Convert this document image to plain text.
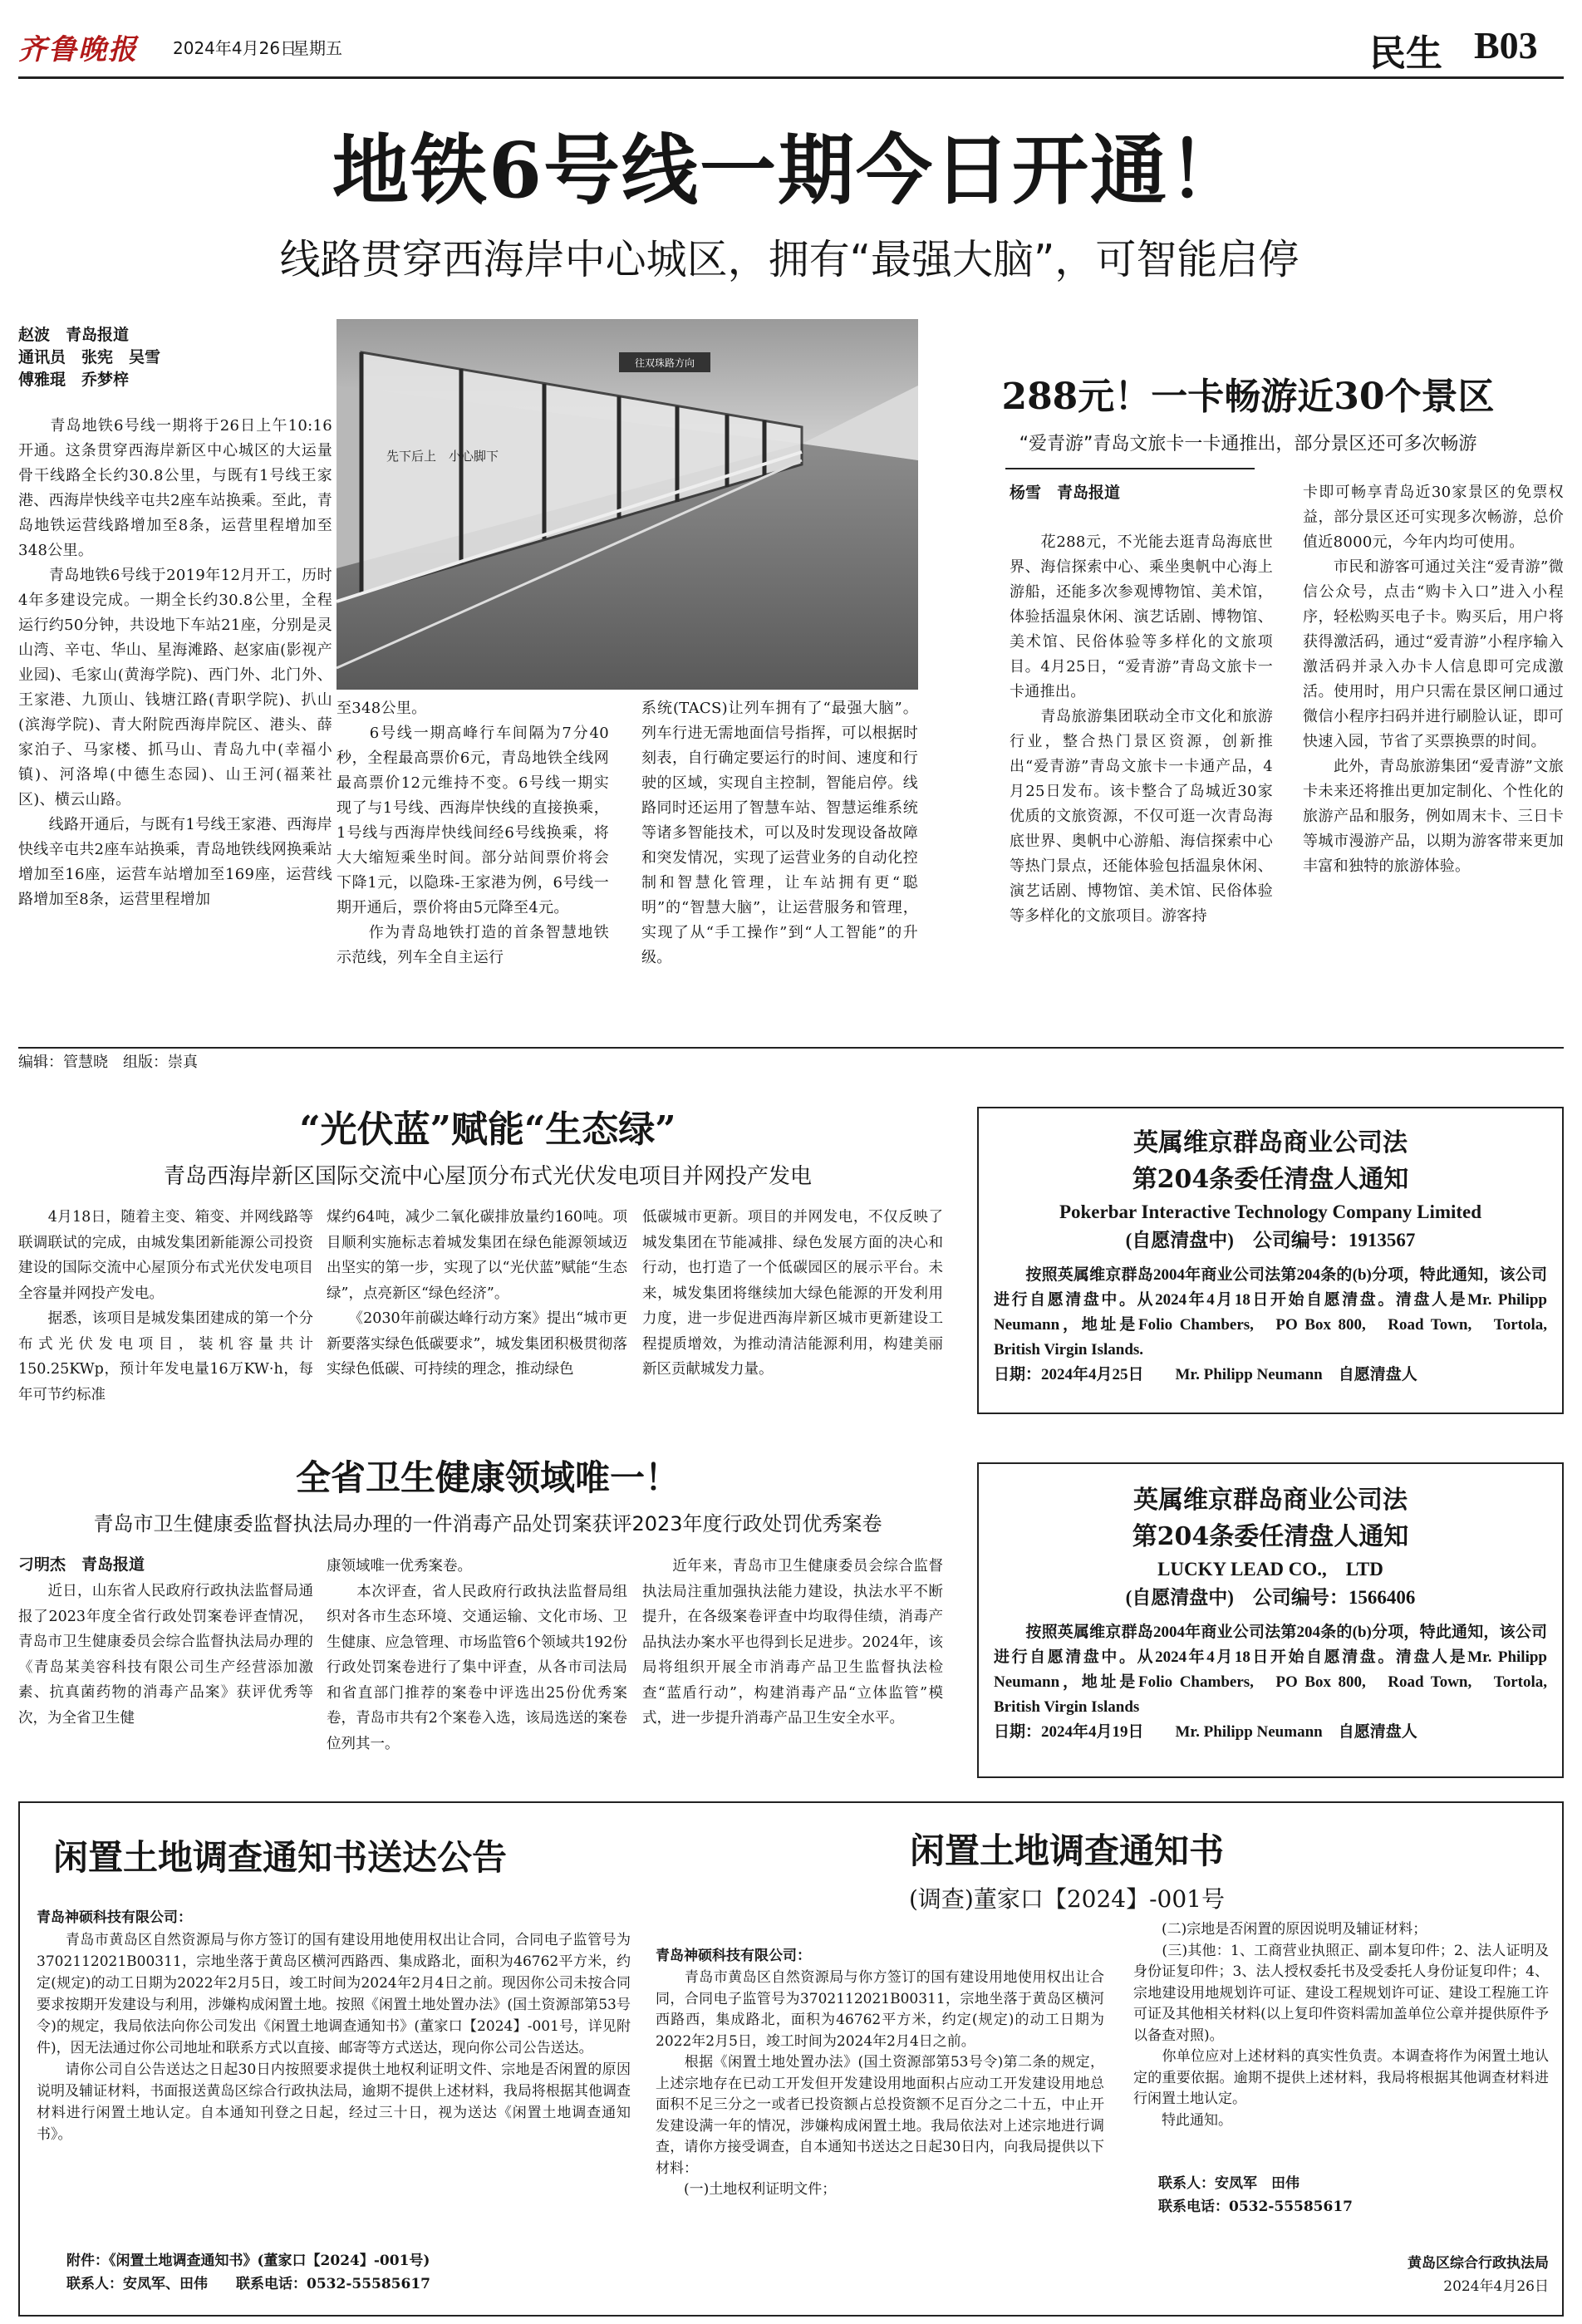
齐鲁晚报 2024年4月26日
星期五	民生 B03
地铁6号线一期今日开通！
线路贯穿西海岸中心城区，拥有“最强大脑”，可智能启停
赵波　青岛报道
通讯员　张宪　吴雪
傅雅琨　乔梦梓
　　青岛地铁6号线一期将于26日上午10:16开通。这条贯穿西海岸新区中心城区的大运量骨干线路全长约30.8公里，与既有1号线王家港、西海岸快线辛屯共2座车站换乘。至此，青岛地铁运营线路增加至8条，运营里程增加至348公里。
　　青岛地铁6号线于2019年12月开工，历时4年多建设完成。一期全长约30.8公里，全程运行约50分钟，共设地下车站21座，分别是灵山湾、辛屯、华山、星海滩路、赵家庙(影视产业园)、毛家山(黄海学院)、西门外、北门外、王家港、九顶山、钱塘江路(青职学院)、扒山(滨海学院)、青大附院西海岸院区、港头、薛家泊子、马家楼、抓马山、青岛九中(幸福小镇)、河洛埠(中德生态园)、山王河(福莱社区)、横云山路。
　　线路开通后，与既有1号线王家港、西海岸快线辛屯共2座车站换乘，青岛地铁线网换乘站增加至16座，运营车站增加至169座，运营线路增加至8条，运营里程增加
往双珠路方向
先下后上　小心脚下
至348公里。
　　6号线一期高峰行车间隔为7分40秒，全程最高票价6元，青岛地铁全线网最高票价12元维持不变。6号线一期实现了与1号线、西海岸快线的直接换乘，1号线与西海岸快线间经6号线换乘，将大大缩短乘坐时间。部分站间票价将会下降1元，以隐珠-王家港为例，6号线一期开通后，票价将由5元降至4元。
　　作为青岛地铁打造的首条智慧地铁示范线，列车全自主运行
系统(TACS)让列车拥有了“最强大脑”。列车行进无需地面信号指挥，可以根据时刻表，自行确定要运行的时间、速度和行驶的区域，实现自主控制，智能启停。线路同时还运用了智慧车站、智慧运维系统等诸多智能技术，可以及时发现设备故障和突发情况，实现了运营业务的自动化控制和智慧化管理，让车站拥有更“聪明”的“智慧大脑”，让运营服务和管理，实现了从“手工操作”到“人工智能”的升级。
288元！一卡畅游近30个景区
“爱青游”青岛文旅卡一卡通推出，部分景区还可多次畅游
杨雪　青岛报道
　　花288元，不光能去逛青岛海底世界、海信探索中心、乘坐奥帆中心海上游船，还能多次参观博物馆、美术馆，体验括温泉休闲、演艺话剧、博物馆、美术馆、民俗体验等多样化的文旅项目。4月25日，“爱青游”青岛文旅卡一卡通推出。
　　青岛旅游集团联动全市文化和旅游行业，整合热门景区资源，创新推出“爱青游”青岛文旅卡一卡通产品，4月25日发布。该卡整合了岛城近30家优质的文旅资源，不仅可逛一次青岛海底世界、奥帆中心游船、海信探索中心等热门景点，还能体验包括温泉休闲、演艺话剧、博物馆、美术馆、民俗体验等多样化的文旅项目。游客持
卡即可畅享青岛近30家景区的免票权益，部分景区还可实现多次畅游，总价值近8000元，今年内均可使用。
　　市民和游客可通过关注“爱青游”微信公众号，点击“购卡入口”进入小程序，轻松购买电子卡。购买后，用户将获得激活码，通过“爱青游”小程序输入激活码并录入办卡人信息即可完成激活。使用时，用户只需在景区闸口通过微信小程序扫码并进行刷脸认证，即可快速入园，节省了买票换票的时间。
　　此外，青岛旅游集团“爱青游”文旅卡未来还将推出更加定制化、个性化的旅游产品和服务，例如周末卡、三日卡等城市漫游产品，以期为游客带来更加丰富和独特的旅游体验。
编辑：管慧晓　组版：崇真
“光伏蓝”赋能“生态绿”
青岛西海岸新区国际交流中心屋顶分布式光伏发电项目并网投产发电
　　4月18日，随着主变、箱变、并网线路等联调联试的完成，由城发集团新能源公司投资建设的国际交流中心屋顶分布式光伏发电项目全容量并网投产发电。
　　据悉，该项目是城发集团建成的第一个分布式光伏发电项目，装机容量共计150.25KWp，预计年发电量16万KW·h，每年可节约标准
煤约64吨，减少二氧化碳排放量约160吨。项目顺利实施标志着城发集团在绿色能源领域迈出坚实的第一步，实现了以“光伏蓝”赋能“生态绿”，点亮新区“绿色经济”。
　　《2030年前碳达峰行动方案》提出“城市更新要落实绿色低碳要求”，城发集团积极贯彻落实绿色低碳、可持续的理念，推动绿色
低碳城市更新。项目的并网发电，不仅反映了城发集团在节能减排、绿色发展方面的决心和行动，也打造了一个低碳园区的展示平台。未来，城发集团将继续加大绿色能源的开发利用力度，进一步促进西海岸新区城市更新建设工程提质增效，为推动清洁能源利用，构建美丽新区贡献城发力量。
全省卫生健康领域唯一！
青岛市卫生健康委监督执法局办理的一件消毒产品处罚案获评2023年度行政处罚优秀案卷
刁明杰　青岛报道
　　近日，山东省人民政府行政执法监督局通报了2023年度全省行政处罚案卷评查情况，青岛市卫生健康委员会综合监督执法局办理的《青岛某美容科技有限公司生产经营添加激素、抗真菌药物的消毒产品案》获评优秀等次，为全省卫生健
康领域唯一优秀案卷。
　　本次评查，省人民政府行政执法监督局组织对各市生态环境、交通运输、文化市场、卫生健康、应急管理、市场监管6个领域共192份行政处罚案卷进行了集中评查，从各市司法局和省直部门推荐的案卷中评选出25份优秀案卷，青岛市共有2个案卷入选，该局选送的案卷位列其一。
　　近年来，青岛市卫生健康委员会综合监督执法局注重加强执法能力建设，执法水平不断提升，在各级案卷评查中均取得佳绩，消毒产品执法办案水平也得到长足进步。2024年，该局将组织开展全市消毒产品卫生监督执法检查“蓝盾行动”，构建消毒产品“立体监管”模式，进一步提升消毒产品卫生安全水平。
英属维京群岛商业公司法
第204条委任清盘人通知
Pokerbar Interactive Technology Company Limited
(自愿清盘中)　公司编号：1913567
　　按照英属维京群岛2004年商业公司法第204条的(b)分项，特此通知，该公司进行自愿清盘中。从2024年4月18日开始自愿清盘。清盘人是Mr. Philipp Neumann，地址是Folio Chambers,　PO Box 800,　Road Town,　Tortola,　British Virgin Islands.
日期：2024年4月25日　　Mr. Philipp Neumann　自愿清盘人
英属维京群岛商业公司法
第204条委任清盘人通知
LUCKY LEAD CO.,　LTD
(自愿清盘中)　公司编号：1566406
　　按照英属维京群岛2004年商业公司法第204条的(b)分项，特此通知，该公司进行自愿清盘中。从2024年4月18日开始自愿清盘。清盘人是Mr. Philipp Neumann，地址是Folio Chambers,　PO Box 800,　Road Town,　Tortola,　British Virgin Islands
日期：2024年4月19日　　Mr. Philipp Neumann　自愿清盘人
闲置土地调查通知书送达公告
青岛神硕科技有限公司：
　　青岛市黄岛区自然资源局与你方签订的国有建设用地使用权出让合同，合同电子监管号为3702112021B00311，宗地坐落于黄岛区横河西路西、集成路北，面积为46762平方米，约定(规定)的动工日期为2022年2月5日，竣工时间为2024年2月4日之前。现因你公司未按合同要求按期开发建设与利用，涉嫌构成闲置土地。按照《闲置土地处置办法》(国土资源部第53号令)的规定，我局依法向你公司发出《闲置土地调查通知书》(董家口【2024】-001号，详见附件)，因无法通过你公司地址和联系方式以直接、邮寄等方式送达，现向你公司公告送达。
　　请你公司自公告送达之日起30日内按照要求提供土地权利证明文件、宗地是否闲置的原因说明及辅证材料，书面报送黄岛区综合行政执法局，逾期不提供上述材料，我局将根据其他调查材料进行闲置土地认定。自本通知刊登之日起，经过三十日，视为送达《闲置土地调查通知书》。
附件：《闲置土地调查通知书》(董家口【2024】-001号)
联系人：安凤军、田伟　　联系电话：0532-55585617
闲置土地调查通知书
(调查)董家口【2024】-001号
青岛神硕科技有限公司：
　　青岛市黄岛区自然资源局与你方签订的国有建设用地使用权出让合同，合同电子监管号为3702112021B00311，宗地坐落于黄岛区横河西路西，集成路北，面积为46762平方米，约定(规定)的动工日期为2022年2月5日，竣工时间为2024年2月4日之前。
　　根据《闲置土地处置办法》(国土资源部第53号令)第二条的规定，上述宗地存在已动工开发但开发建设用地面积占应动工开发建设用地总面积不足三分之一或者已投资额占总投资额不足百分之二十五，中止开发建设满一年的情况，涉嫌构成闲置土地。我局依法对上述宗地进行调查，请你方接受调查，自本通知书送达之日起30日内，向我局提供以下材料：
　　(一)土地权利证明文件；
　　(二)宗地是否闲置的原因说明及辅证材料；
　　(三)其他：1、工商营业执照正、副本复印件；2、法人证明及身份证复印件；3、法人授权委托书及受委托人身份证复印件；4、宗地建设用地规划许可证、建设工程规划许可证、建设工程施工许可证及其他相关材料(以上复印件资料需加盖单位公章并提供原件予以备查对照)。
　　你单位应对上述材料的真实性负责。本调查将作为闲置土地认定的重要依据。逾期不提供上述材料，我局将根据其他调查材料进行闲置土地认定。
　　特此通知。
联系人：安凤军　田伟
联系电话：0532-55585617
黄岛区综合行政执法局
2024年4月26日
